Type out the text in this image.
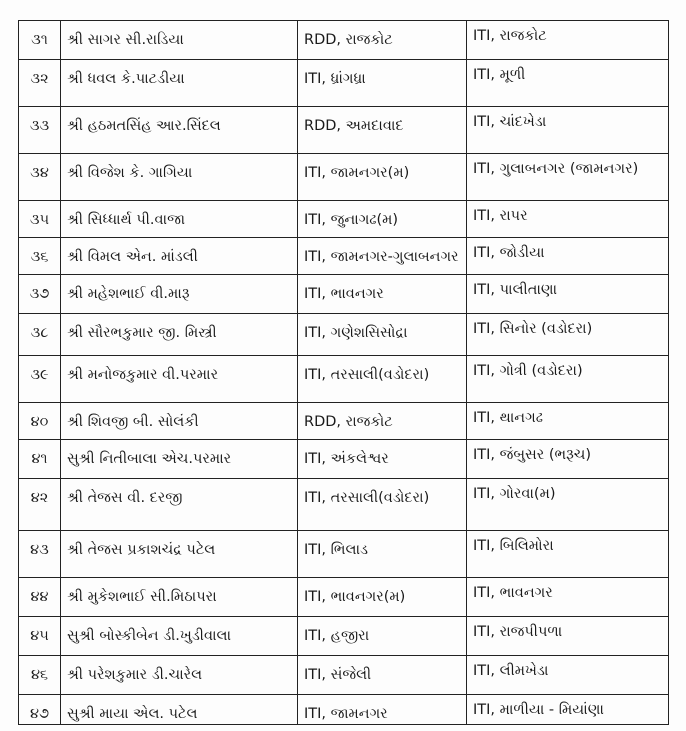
૩૧	શ્રી સાગર સી.રાડિયા	RDD, રાજકોટ	ITI, રાજકોટ
૩૨	શ્રી ધવલ કે.પાટડીયા	ITI, ધ્રાંગધ્રા	ITI, મૂળી
૩૩	શ્રી હઠમતસિંહ આર.સિંદલ	RDD, અમદાવાદ	ITI, ચાંદખેડા
૩૪	શ્રી વિજેશ કે. ગાગિયા	ITI, જામનગર(મ)	ITI, ગુલાબનગર (જામનગર)
૩૫	શ્રી સિધ્ધાર્થ પી.વાજા	ITI, જુનાગઢ(મ)	ITI, રાપર
૩૬	શ્રી વિમલ એન. માંડલી	ITI, જામનગર-ગુલાબનગર	ITI, જોડીયા
૩૭	શ્રી મહેશભાઈ વી.મારૂ	ITI, ભાવનગર	ITI, પાલીતાણા
૩૮	શ્રી સૌરભકુમાર જી. મિસ્ત્રી	ITI, ગણેશસિસોદ્રા	ITI, સિનોર (વડોદરા)
૩૯	શ્રી મનોજકુમાર વી.પરમાર	ITI, તરસાલી(વડોદરા)	ITI, ગોત્રી (વડોદરા)
૪૦	શ્રી શિવજી બી. સોલંકી	RDD, રાજકોટ	ITI, થાનગઢ
૪૧	સુશ્રી નિતીબાલા એચ.પરમાર	ITI, અંકલેશ્વર	ITI, જંબુસર (ભરૂચ)
૪૨	શ્રી તેજસ વી. દરજી	ITI, તરસાલી(વડોદરા)	ITI, ગોરવા(મ)
૪૩	શ્રી તેજસ પ્રકાશચંદ્ર પટેલ	ITI, ભિલાડ	ITI, બિલિમોરા
૪૪	શ્રી મુકેશભાઈ સી.મિઠાપરા	ITI, ભાવનગર(મ)	ITI, ભાવનગર
૪૫	સુશ્રી બોસ્કીબેન ડી.ખુડીવાલા	ITI, હજીરા	ITI, રાજપીપળા
૪૬	શ્રી પરેશકુમાર ડી.ચારેલ	ITI, સંજેલી	ITI, લીમખેડા
૪૭	સુશ્રી માયા એલ. પટેલ	ITI, જામનગર	ITI, માળીયા - મિયાંણા
